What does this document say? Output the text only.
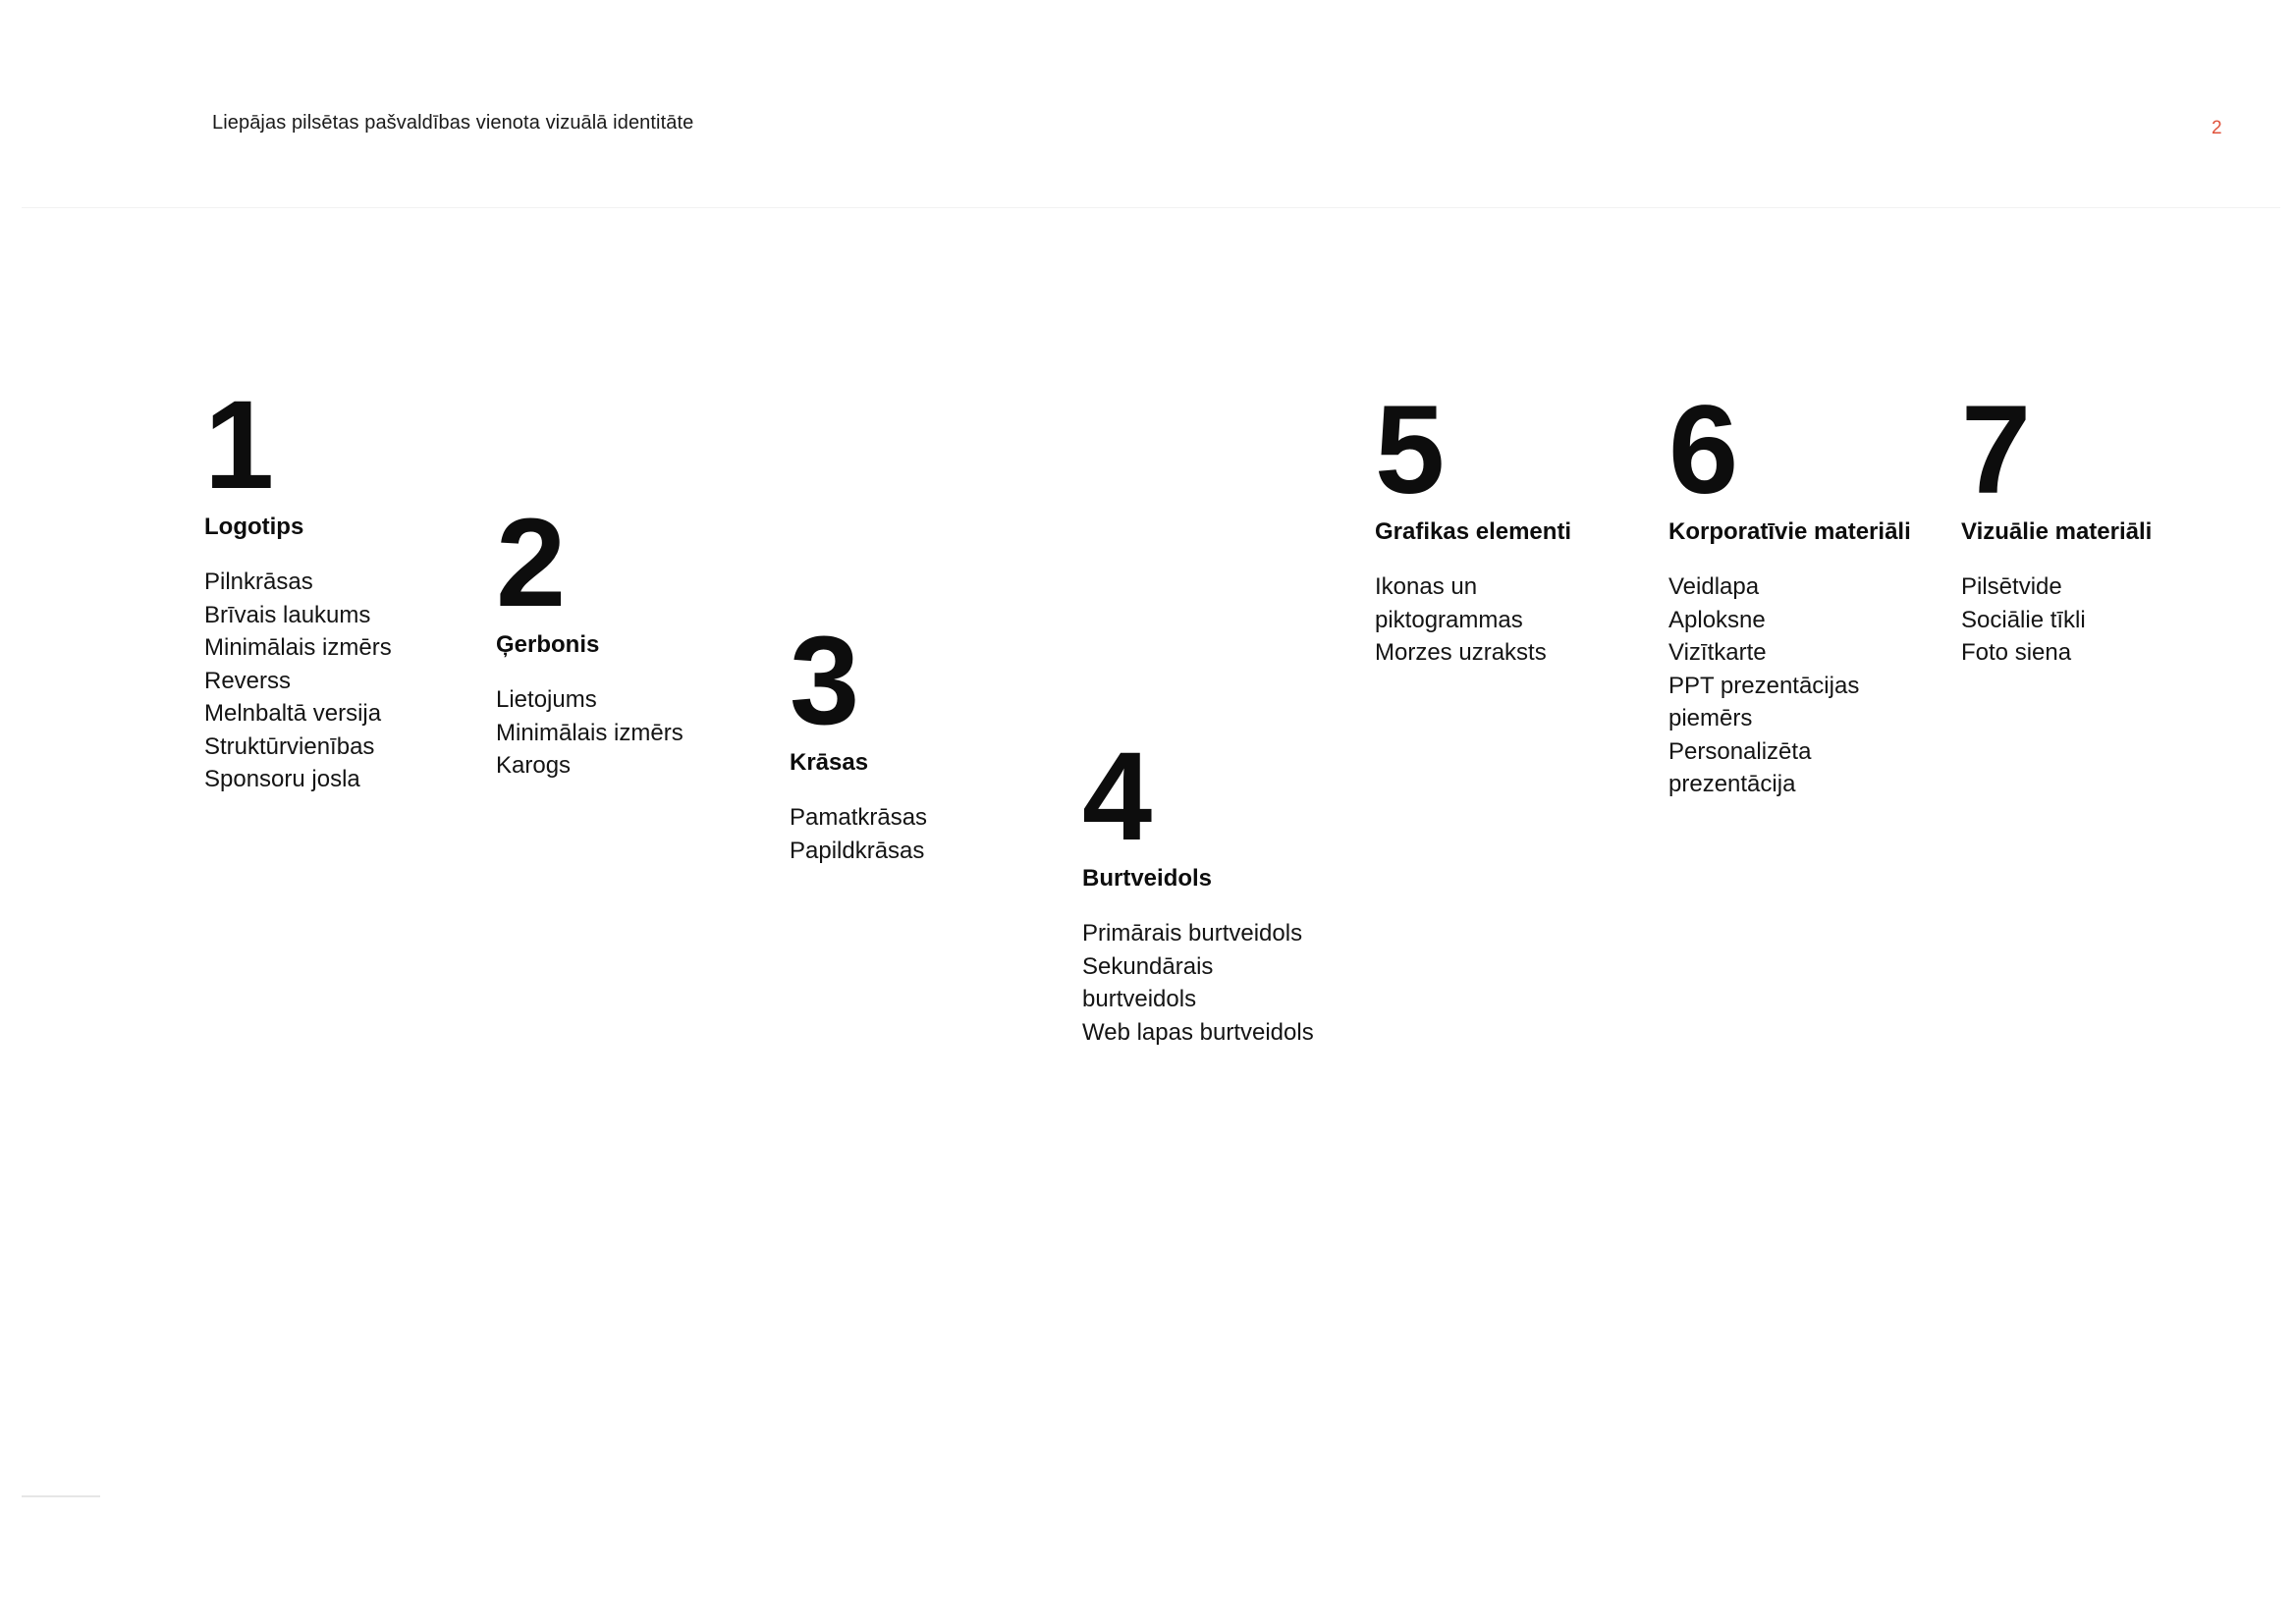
Liepājas pilsētas pašvaldības vienota vizuālā identitāte	2
1
Logotips
Pilnkrāsas
Brīvais laukums
Minimālais izmērs
Reverss
Melnbaltā versija
Struktūrvienības
Sponsoru josla
2
Ģerbonis
Lietojums
Minimālais izmērs
Karogs
3
Krāsas
Pamatkrāsas
Papildkrāsas	4
Burtveidols
Primārais burtveidols
Sekundārais
burtveidols
Web lapas burtveidols
5
Grafikas elementi
Ikonas un
piktogrammas
Morzes uzraksts
6
Korporatīvie materiāli
Veidlapa
Aploksne
Vizītkarte
PPT prezentācijas
piemērs
Personalizēta
prezentācija
7
Vizuālie materiāli
Pilsētvide
Sociālie tīkli
Foto siena
